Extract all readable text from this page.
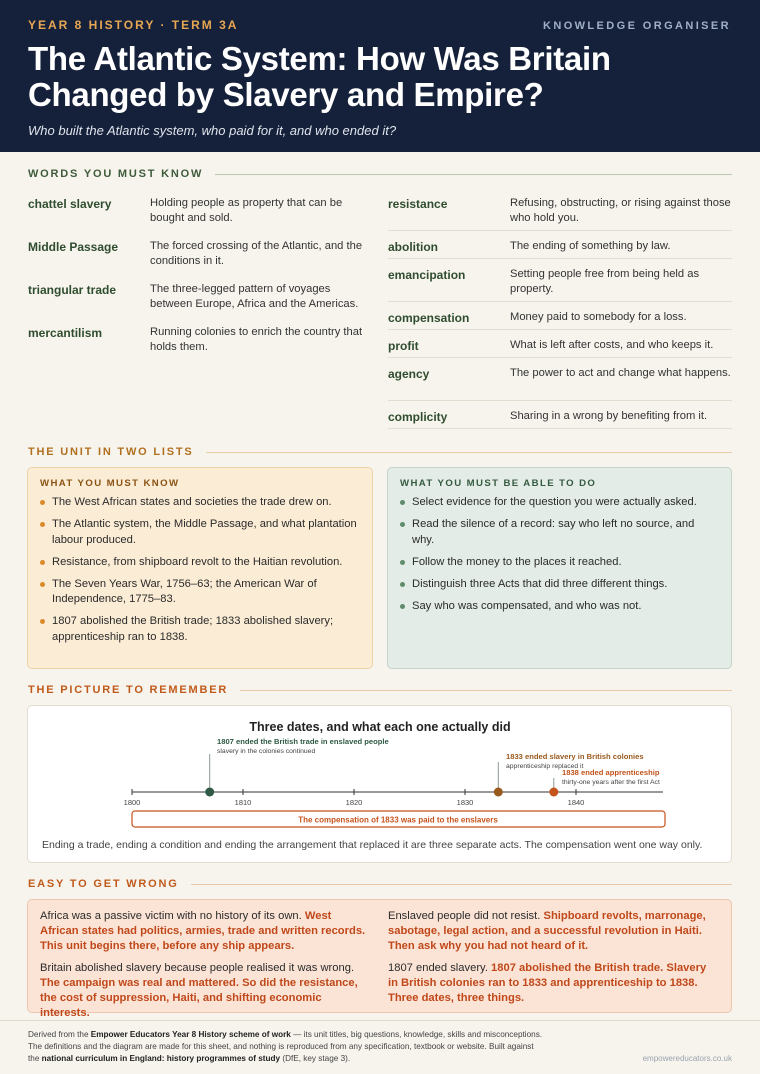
YEAR 8 HISTORY · TERM 3A	KNOWLEDGE ORGANISER
The Atlantic System: How Was Britain
Changed by Slavery and Empire?
Who built the Atlantic system, who paid for it, and who ended it?
WORDS YOU MUST KNOW
chattel slavery	Holding people as property that can be bought and sold.
Middle Passage	The forced crossing of the Atlantic, and the conditions in it.
triangular trade	The three-legged pattern of voyages between Europe, Africa and the Americas.
mercantilism	Running colonies to enrich the country that holds them.
resistance	Refusing, obstructing, or rising against those who hold you.
abolition	The ending of something by law.
emancipation	Setting people free from being held as property.
compensation	Money paid to somebody for a loss.
profit	What is left after costs, and who keeps it.
agency	The power to act and change what happens.
complicity	Sharing in a wrong by benefiting from it.
THE UNIT IN TWO LISTS
WHAT YOU MUST KNOW
The West African states and societies the trade drew on.
The Atlantic system, the Middle Passage, and what plantation labour produced.
Resistance, from shipboard revolt to the Haitian revolution.
The Seven Years War, 1756–63; the American War of Independence, 1775–83.
1807 abolished the British trade; 1833 abolished slavery; apprenticeship ran to 1838.
WHAT YOU MUST BE ABLE TO DO
Select evidence for the question you were actually asked.
Read the silence of a record: say who left no source, and why.
Follow the money to the places it reached.
Distinguish three Acts that did three different things.
Say who was compensated, and who was not.
THE PICTURE TO REMEMBER
Three dates, and what each one actually did
1800	1810	1820	1830	1840
1807 ended the British trade in enslaved people
slavery in the colonies continued
1833 ended slavery in British colonies
apprenticeship replaced it
1838 ended apprenticeship
thirty-one years after the first Act
The compensation of 1833 was paid to the enslavers
Ending a trade, ending a condition and ending the arrangement that replaced it are three separate acts. The compensation went one way only.
EASY TO GET WRONG

Africa was a passive victim with no history of its own. West African states had politics, armies, trade and written records. This unit begins there, before any ship appears.

Britain abolished slavery because people realised it was wrong. The campaign was real and mattered. So did the resistance, the cost of suppression, Haiti, and shifting economic interests.

Enslaved people did not resist. Shipboard revolts, marronage, sabotage, legal action, and a successful revolution in Haiti. Then ask why you had not heard of it.

1807 ended slavery. 1807 abolished the British trade. Slavery in British colonies ran to 1833 and apprenticeship to 1838. Three dates, three things.

Derived from the Empower Educators Year 8 History scheme of work — its unit titles, big questions, knowledge, skills and misconceptions.
The definitions and the diagram are made for this sheet, and nothing is reproduced from any specification, textbook or website. Built against
the national curriculum in England: history programmes of study (DfE, key stage 3).	empowereducators.co.uk
